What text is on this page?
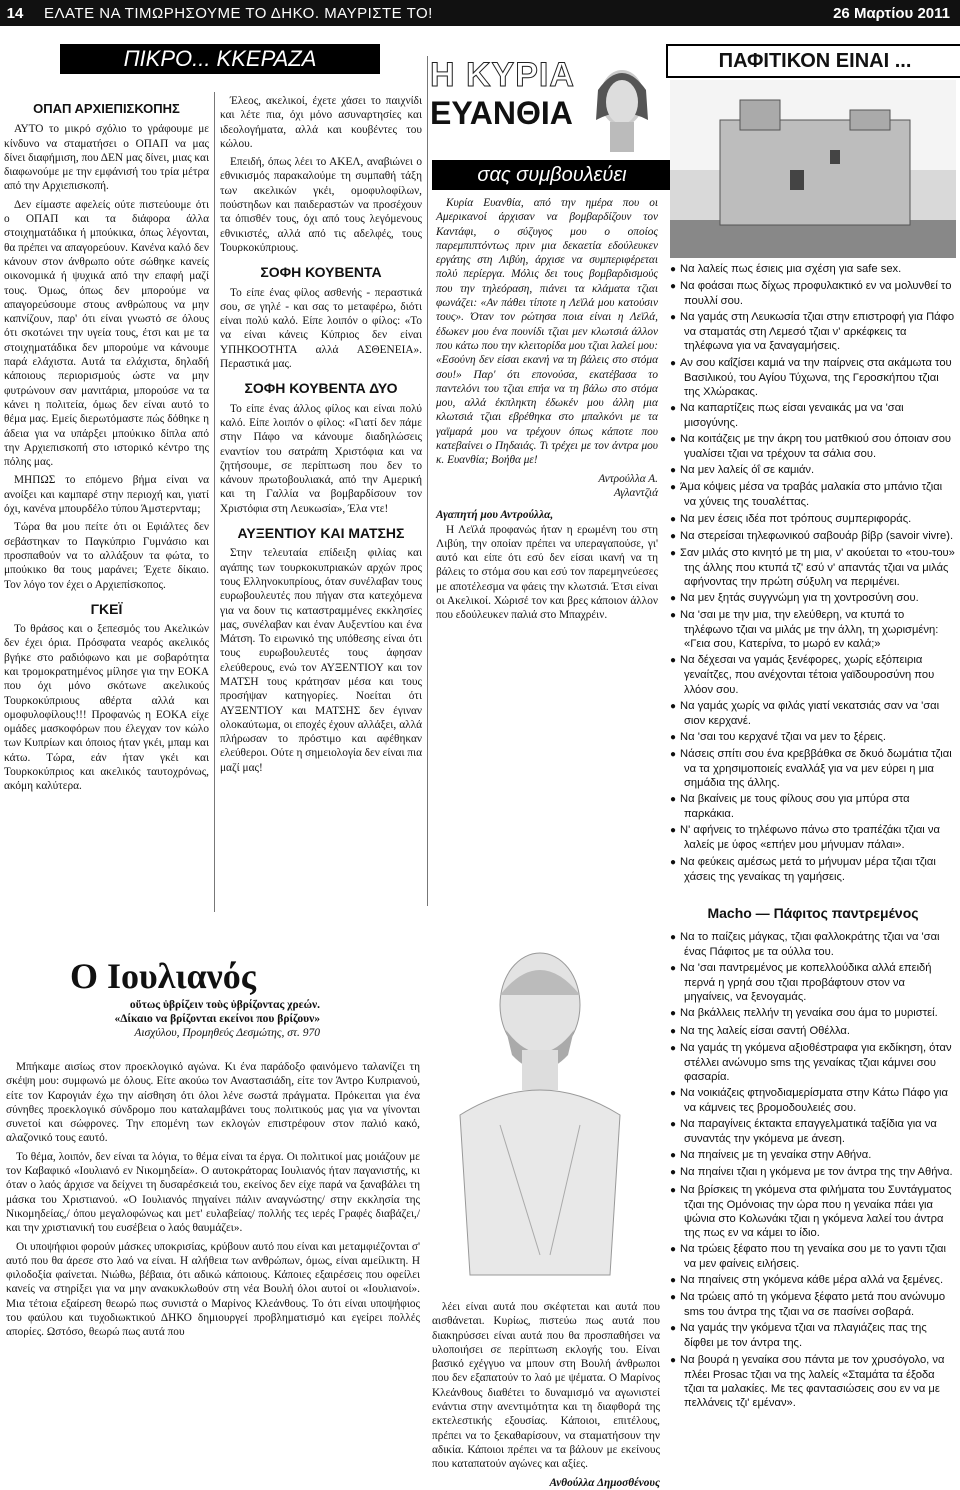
14	ΕΛΑΤΕ ΝΑ ΤΙΜΩΡΗΣΟΥΜΕ ΤΟ ΔΗΚΟ. ΜΑΥΡΙΣΤΕ ΤΟ!	26 Μαρτίου 2011
ΠΙΚΡΟ... ΚΚΕΡΑΖΑ
ΟΠΑΠ ΑΡΧΙΕΠΙΣΚΟΠΗΣ

ΑΥΤΟ το μικρό σχόλιο το γράφουμε με κίνδυνο να σταματήσει ο ΟΠΑΠ να μας δίνει διαφήμιση, που ΔΕΝ μας δίνει, μιας και διαφωνούμε με την εμφάνισή του τρία μέτρα από την Αρχιεπισκοπή.

Δεν είμαστε αφελείς ούτε πιστεύουμε ότι ο ΟΠΑΠ και τα διάφορα άλλα στοιχηματάδικα ή μπούκικα, όπως λέγονται, θα πρέπει να απαγορεύουν. Κανένα καλό δεν κάνουν στον άνθρωπο ούτε σώθηκε κανείς οικονομικά ή ψυχικά από την επαφή μαζί τους. Όμως, όπως δεν μπορούμε να απαγορεύσουμε στους ανθρώπους να μην καπνίζουν, παρ' ότι είναι γνωστό σε όλους ότι σκοτώνει την υγεία τους, έτσι και με τα στοιχηματάδικα δεν μπορούμε να κάνουμε παρά ελάχιστα. Αυτά τα ελάχιστα, δηλαδή κάποιους περιορισμούς ώστε να μην φυτρώνουν σαν μανιτάρια, μπορούσε να τα κάνει η πολιτεία, όμως δεν είναι αυτό το θέμα μας. Εμείς διερωτόμαστε πώς δόθηκε η άδεια για να υπάρξει μπούκικο δίπλα από την Αρχιεπισκοπή στο ιστορικό κέντρο της πόλης μας.

ΜΗΠΩΣ το επόμενο βήμα είναι να ανοίξει και καμπαρέ στην περιοχή και, γιατί όχι, κανένα μπουρδέλο τύπου Άμστερνταμ;

Τώρα θα μου πείτε ότι οι Εφιάλτες δεν σεβάστηκαν το Παγκύπριο Γυμνάσιο και προσπαθούν να το αλλάξουν τα φώτα, το μπούκικο θα τους μαράνει; Έχετε δίκαιο. Τον λόγο τον έχει ο Αρχιεπίσκοπος.

ΓΚΕΪ

Το θράσος και ο ξεπεσμός του Ακελικών δεν έχει όρια. Πρόσφατα νεαρός ακελικός βγήκε στο ραδιόφωνο και με σοβαρότητα και τρομοκρατημένος μίλησε για την ΕΟΚΑ που όχι μόνο σκότωνε ακελικούς Τουρκοκύπριους αθέρτα αλλά και ομοφυλοφίλους!!! Προφανώς η ΕΟΚΑ είχε ομάδες μασκοφόρων που έλεγχαν τον κώλο των Κυπρίων και όποιος ήταν γκέι, μπαμ και κάτω. Τώρα, εάν ήταν γκέι και Τουρκοκύπριος και ακελικός ταυτοχρόνως, ακόμη καλύτερα.

Έλεος, ακελικοί, έχετε χάσει το παιχνίδι και λέτε πια, όχι μόνο ασυναρτησίες και ιδεολογήματα, αλλά και κουβέντες του κώλου.

Επειδή, όπως λέει το ΑΚΕΛ, αναβιώνει ο εθνικισμός παρακαλούμε τη συμπαθή τάξη των ακελικών γκέι, ομοφυλοφίλων, πούστηδων και παιδεραστών να προσέχουν τα όπισθέν τους, όχι από τους λεγόμενους εθνικιστές, αλλά από τις αδελφές, τους Τουρκοκύπριους.

ΣΟΦΗ ΚΟΥΒΕΝΤΑ

Το είπε ένας φίλος ασθενής - περαστικά σου, σε γηλέ - και σας το μεταφέρω, διότι είναι πολύ καλό. Είπε λοιπόν ο φίλος: «Το να είναι κάνεις Κύπριος δεν είναι ΥΠΗΚΟΟΤΗΤΑ αλλά ΑΣΘΕΝΕΙΑ». Περαστικά μας.

ΣΟΦΗ ΚΟΥΒΕΝΤΑ ΔΥΟ

Το είπε ένας άλλος φίλος και είναι πολύ καλό. Είπε λοιπόν ο φίλος: «Γιατί δεν πάμε στην Πάφο να κάνουμε διαδηλώσεις εναντίον του σατράπη Χριστόφια και να ζητήσουμε, σε περίπτωση που δεν το κάνουν πρωτοβουλιακά, από την Αμερική και τη Γαλλία να βομβαρδίσουν τον Χριστόφια στη Λευκωσία», Έλα ντε!

ΑΥΞΕΝΤΙΟΥ ΚΑΙ ΜΑΤΣΗΣ

Στην τελευταία επίδειξη φιλίας και αγάπης των τουρκοκυπριακών αρχών προς τους Ελληνοκυπρίους, όταν συνέλαβαν τους ευρωβουλευτές που πήγαν στα κατεχόμενα για να δουν τις καταστραμμένες εκκλησίες μας, συνέλαβαν και έναν Αυξεντίου και ένα Μάτση. Το ειρωνικό της υπόθεσης είναι ότι τους ευρωβουλευτές τους άφησαν ελεύθερους, ενώ τον ΑΥΞΕΝΤΙΟΥ και τον ΜΑΤΣΗ τους κράτησαν μέσα και τους προσήψαν κατηγορίες. Νοείται ότι ΑΥΞΕΝΤΙΟΥ και ΜΑΤΣΗΣ δεν έγιναν ολοκαύτωμα, οι εποχές έχουν αλλάξει, αλλά πλήρωσαν το πρόστιμο και αφέθηκαν ελεύθεροι. Ούτε η σημειολογία δεν είναι πια μαζί μας!

Η ΚΥΡΙΑ
ΕΥΑΝΘΙΑ
σας συμβουλεύει

Κυρία Ευανθία, από την ημέρα που οι Αμερικανοί άρχισαν να βομβαρδίζουν τον Καντάφι, ο σύζυγος μου ο οποίος παρεμπιπτόντως πριν μια δεκαετία εδούλευκεν εργάτης στη Λιβύη, άρχισε να συμπεριφέρεται πολύ περίεργα. Μόλις δει τους βομβαρδισμούς που την τηλεόραση, πιάνει τα κλάματα τζιαι φωνάζει: «Αν πάθει τίποτε η Λεϊλά μου κατούσιν τους». Όταν τον ρώτησα ποια είναι η Λεϊλά, έδωκεν μου ένα πουνίδι τζιαι μεν κλωτσιά άλλον που κάτω που την κλειτορίδα μου τζιαι λαλεί μου: «Εσούνη δεν είσαι εκανή να τη βάλεις στο στόμα σου!» Παρ' ότι επονούσα, εκατέβασα το παντελόνι του τζιαι επήα να τη βάλω στο στόμα μου, αλλά έκπληκτη έδωκέν μου άλλη μια κλωτσιά τζιαι εβρέθηκα στο μπαλκόνι με τα γαϊμαρά μου να τρέχουν όπως κάποτε που κατεβαίνει ο Πηδαιάς. Τι τρέχει με τον άντρα μου κ. Ευανθία; Βοήθα με!

Αντρούλλα Α.
Αγλαντζιά
Αγαπητή μου Αντρούλλα,

Η Λεϊλά προφανώς ήταν η ερωμένη του στη Λιβύη, την οποίαν πρέπει να υπεραγαπούσε, γι' αυτό και είπε ότι εσύ δεν είσαι ικανή να τη βάλεις το στόμα σου και εσύ τον παρεμηνεύεσες με αποτέλεσμα να φάεις την κλωτσιά. Έτσι είναι οι Ακελικοί. Χώρισέ τον και βρες κάποιον άλλον που εδούλευκεν παλιά στο Μπαχρέιν.

ΠΑΦΙΤΙΚΟΝ ΕΙΝΑΙ ...
● Να λαλείς πως έσιεις μια σχέση για safe sex.
● Να φοάσαι πως δίχως προφυλακτικό εν να μολυνθεί το πουλλί σου.
● Να γαμάς στη Λευκωσία τζιαι στην επιστροφή για Πάφο να σταματάς στη Λεμεσό τζιαι ν' αρκέφκεις τα τηλέφωνα για να ξαναγαμήσεις.
● Αν σου καΐζίσει καμιά να την παίρνεις στα ακάμωτα του Βασιλικού, του Αγίου Τύχωνα, της Γεροσκήπου τζιαι της Χλώρακας.
● Να καπαρτίζεις πως είσαι γεναικάς μα να 'σαι μισογύνης.
● Να κοιτάζεις με την άκρη του ματθκιού σου όποιαν σου γυαλίσει τζιαι να τρέχουν τα σάλια σου.
● Να μεν λαλείς όΐ σε καμιάν.
● Άμα κόψεις μέσα να τραβάς μαλακία στο μπάνιο τζιαι να χύνεις της τουαλέττας.
● Να μεν έσεις ιδέα ποτ τρόπους συμπεριφοράς.
● Να στερείσαι τηλεφωνικού σαβουάρ βίβρ (savoir vivre).
● Σαν μιλάς στο κινητό με τη μια, ν' ακούεται το «του-του» της άλλης που κτυπά τζ' εσύ ν' απαντάς τζιαι να μιλάς αφήνοντας την πρώτη σύξυλη να περιμένει.
● Να μεν ξητάς συγγνώμη για τη χοντροσύνη σου.
● Να 'σαι με την μια, την ελεύθερη, να κτυπά το τηλέφωνο τζιαι να μιλάς με την άλλη, τη χωρισμένη: «Γεια σου, Κατερίνα, το μωρό εν καλά;»
● Να δέχεσαι να γαμάς ξενέφορες, χωρίς εξόπειρια γεναίτζες, που ανέχονται τέτοια γαϊδουροσύνη που λλόον σου.
● Να γαμάς χωρίς να φιλάς γιατί νεκατσιάς σαν να 'σαι σιον κερχανέ.
● Να 'σαι του κερχανέ τζιαι να μεν το ξέρεις.
● Νάσεις σπίτι σου ένα κρεββάθκα σε δκυό δωμάτια τζιαι να τα χρησιμοποιείς εναλλάξ για να μεν εύρει η μια σημάδια της άλλης.
● Να βκαίνεις με τους φίλους σου για μπύρα στα παρκάκια.
● Ν' αφήνεις το τηλέφωνο πάνω στο τραπέζάκι τζιαι να λαλείς με ύφος «επήεν μου μήνυμαν πάλαι».
● Να φεύκεις αμέσως μετά το μήνυμαν μέρα τζιαι τζιαι χάσεις της γεναίκας τη γαμήσεις.
Macho — Πάφιτος παντρεμένος
● Να το παίζεις μάγκας, τζιαι φαλλοκράτης τζιαι να 'σαι ένας Πάφιτος με τα ούλλα του.
● Να 'σαι παντρεμένος με κοπελλούδικα αλλά επειδή περνά η γρηά σου τζιαι προβάφτουν στον να μηγαίνεις, να ξενογαμάς.
● Να βκάλλεις πελλήν τη γεναίκα σου άμα το μυριστεί.
● Να της λαλείς είσαι σαντή Οθέλλα.
● Να γαμάς τη γκόμενα αξιοθέστραφα για εκδίκηση, όταν στέλλει ανώνυμο sms της γεναίκας τζιαι κάμνει σου φασαρία.
● Να νοικιάζεις φτηνοδιαμερίσματα στην Κάτω Πάφο για να κάμνεις τες βρομοδουλειές σου.
● Να παραγίνεις έκτακτα επαγγελματικά ταξίδια για να συναντάς την γκόμενα με άνεση.
● Να πηαίνεις με τη γεναίκα στην Αθήνα.
● Να πηαίνει τζιαι η γκόμενα με τον άντρα της την Αθήνα.
● Να βρίσκεις τη γκόμενα στα φιλήματα του Συντάγματος τζιαι της Ομόνοιας την ώρα που η γεναίκα πάει για ψώνια στο Κολωνάκι τζιαι η γκόμενα λαλεί του άντρα της πως εν να κάμει το ίδιο.
● Να τρώεις ξέφατο που τη γεναίκα σου με το γαντι τζιαι να μεν φαίνεις ειλήσεις.
● Να πηαίνεις στη γκόμενα κάθε μέρα αλλά να ξεμένες.
● Να τρώεις από τη γκόμενα ξέφατο μετά που ανώνυμο sms του άντρα της τζιαι να σε πασίνει σοβαρά.
● Να γαμάς την γκόμενα τζιαι να πλαγιάζεις πας της δίφθει με τον άντρα της.
● Να βουρά η γεναίκα σου πάντα με τον χρυσόγολο, να πλέει Prosac τζιαι να της λαλείς «Σταμάτα τα έξοδα τζιαι τα μαλακίες. Με τες φαντασιώσεις σου εν να με πελλάνεις τζι' εμέναν».
Ο Ιουλιανός
οὕτως ὑβρίζειν τοὺς ὑβρίζοντας χρεών.
«Δίκαιο να βρίζονται εκείνοι που βρίζουν»
Αισχύλου, Προμηθεύς Δεσμώτης, στ. 970

Μπήκαμε αισίως στον προεκλογικό αγώνα. Κι ένα παράδοξο φαινόμενο ταλανίζει τη σκέψη μου: συμφωνώ με όλους. Είτε ακούω τον Αναστασιάδη, είτε τον Άντρο Κυπριανού, είτε τον Καρογιάν έχω την αίσθηση ότι όλοι λένε σωστά πράγματα. Πρόκειται για ένα σύνηθες προεκλογικό σύνδρομο που καταλαμβάνει τους πολιτικούς μας για να γίνονται συνετοί και σώφρονες. Την επομένη των εκλογών επιστρέφουν στον παλιό κακό, αλαζονικό τους εαυτό.

Το θέμα, λοιπόν, δεν είναι τα λόγια, το θέμα είναι τα έργα. Οι πολιτικοί μας μοιάζουν με τον Καβαφικό «Ιουλιανό εν Νικομηδεία». Ο αυτοκράτορας Ιουλιανός ήταν παγανιστής, κι όταν ο λαός άρχισε να δείχνει τη δυσαρέσκειά του, εκείνος δεν είχε παρά να ξαναβάλει τη μάσκα του Χριστιανού. «Ο Ιουλιανός πηγαίνει πάλιν αναγνώστης/ στην εκκλησία της Νικομηδείας,/ όπου μεγαλοφώνως και μετ' ευλαβείας/ πολλής τες ιερές Γραφές διαβάζει,/ και την χριστιανική του ευσέβεια ο λαός θαυμάζει».

Οι υποψήφιοι φορούν μάσκες υποκρισίας, κρύβουν αυτό που είναι και μεταμφιέζονται σ' αυτό που θα άρεσε στο λαό να είναι. Η αλήθεια των ανθρώπων, όμως, είναι αμείλικτη. Η φιλοδοξία φαίνεται. Νιώθω, βέβαια, ότι αδικώ κάποιους. Κάποιες εξαιρέσεις που οφείλει κανείς να στηρίξει για να μην ανακυκλωθούν στη νέα Βουλή όλοι αυτοί οι «Ιουλιανοί». Μια τέτοια εξαίρεση θεωρώ πως συνιστά ο Μαρίνος Κλεάνθους. Το ότι είναι υποψήφιος του φαύλου και τυχοδιωκτικού ΔΗΚΟ δημιουργεί προβληματισμό και εγείρει πολλές απορίες. Ωστόσο, θεωρώ πως αυτά που

λέει είναι αυτά που σκέφτεται και αυτά που αισθάνεται. Κυρίως, πιστεύω πως αυτά που διακηρύσσει είναι αυτά που θα προσπαθήσει να υλοποιήσει σε περίπτωση εκλογής του. Είναι βασικό εχέγγυο να μπουν στη Βουλή άνθρωποι που δεν εξαπατούν το λαό με ψέματα. Ο Μαρίνος Κλεάνθους διαθέτει το δυναμισμό να αγωνιστεί ενάντια στην ανεντιμότητα και τη διαφθορά της εκτελεστικής εξουσίας. Κάποιοι, επιτέλους, πρέπει να το ξεκαθαρίσουν, να σταματήσουν την αδικία. Κάποιοι πρέπει να τα βάλουν με εκείνους που καταπατούν αγώνες και αξίες.

Ανθούλλα Δημοσθένους
